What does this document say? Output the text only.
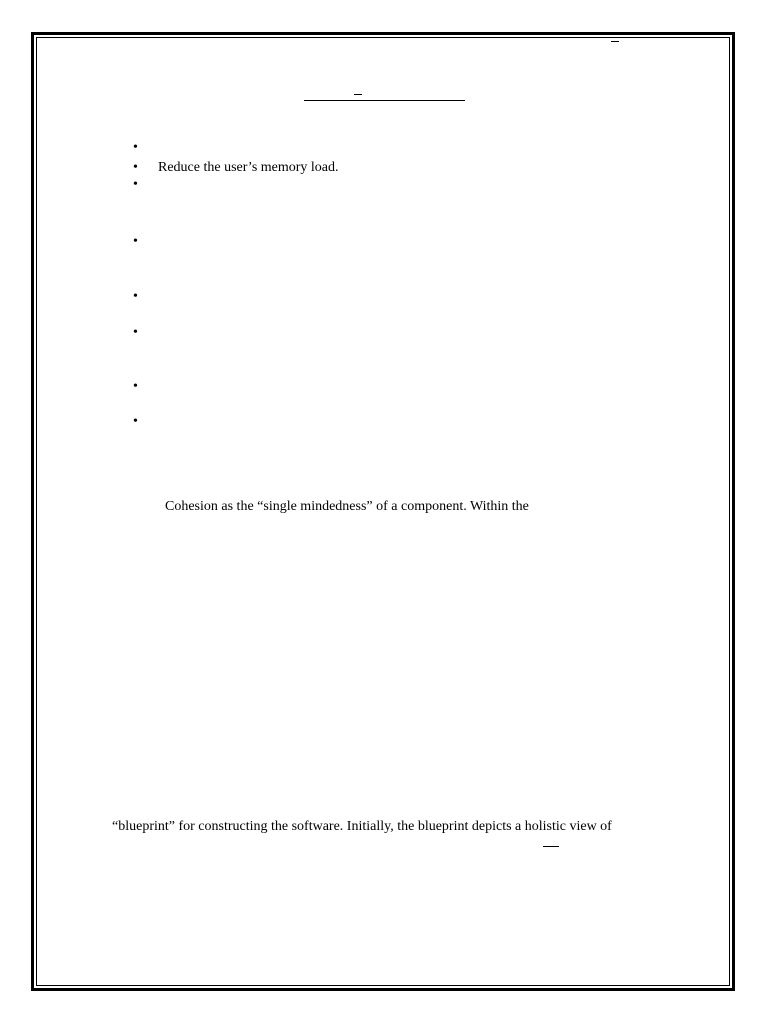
•
• Reduce the user’s memory load.
•
•
•
•
•
•
Cohesion as the “single mindedness” of a component. Within the
“blueprint” for constructing the software. Initially, the blueprint depicts a holistic view of
